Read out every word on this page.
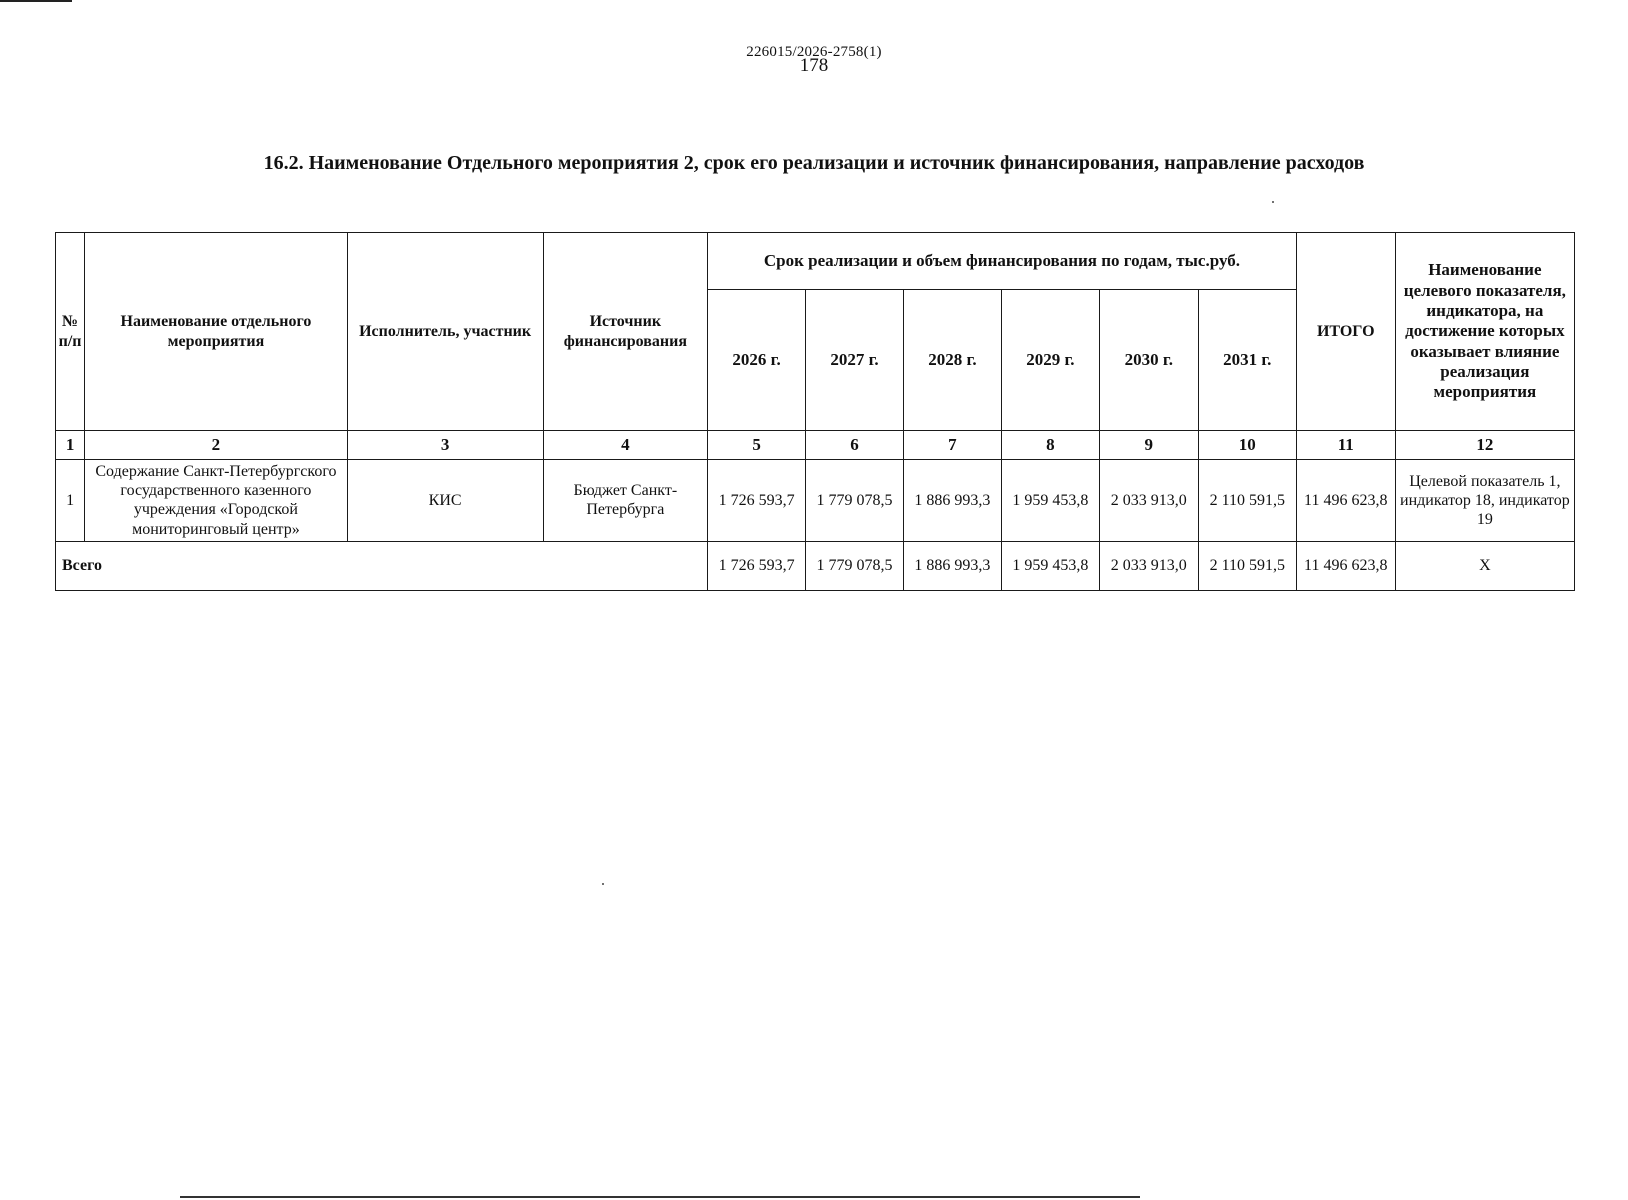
226015/2026-2758(1)
178
16.2. Наименование Отдельного мероприятия 2, срок его реализации и источник финансирования, направление расходов
№ п/п	Наименование отдельного мероприятия	Исполнитель, участник	Источник финансирования	Срок реализации и объем финансирования по годам, тыс.руб.						ИТОГО	Наименование целевого показателя, индикатора, на достижение которых оказывает влияние реализация мероприятия
				2026 г.	2027 г.	2028 г.	2029 г.	2030 г.	2031 г.		
1	2	3	4	5	6	7	8	9	10	11	12
1	Содержание Санкт-Петербургского государственного казенного учреждения «Городской мониторинговый центр»	КИС	Бюджет Санкт-Петербурга	1 726 593,7	1 779 078,5	1 886 993,3	1 959 453,8	2 033 913,0	2 110 591,5	11 496 623,8	Целевой показатель 1, индикатор 18, индикатор 19
Всего				1 726 593,7	1 779 078,5	1 886 993,3	1 959 453,8	2 033 913,0	2 110 591,5	11 496 623,8	Х
